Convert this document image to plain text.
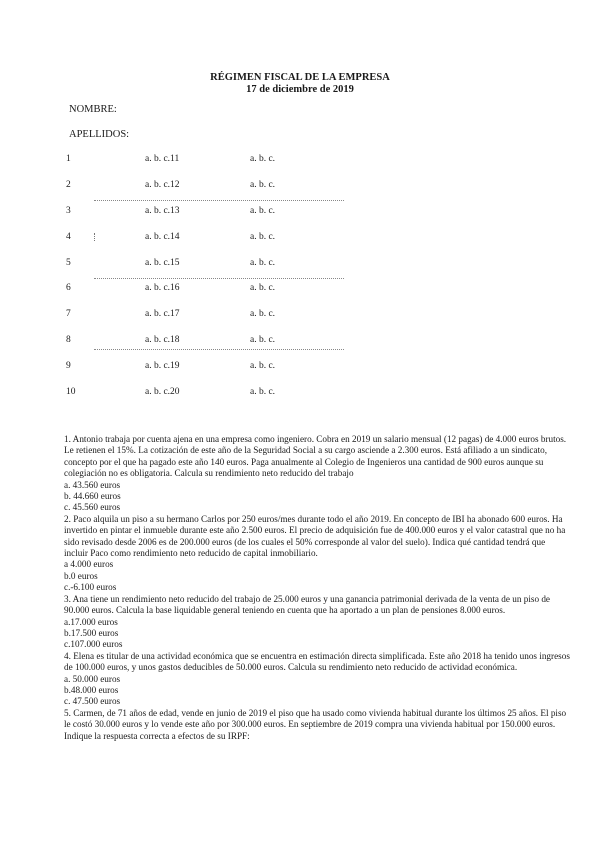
RÉGIMEN FISCAL DE LA EMPRESA
17 de diciembre de 2019
NOMBRE:
APELLIDOS:
1	a. b. c.11	a. b. c.
2	a. b. c.12	a. b. c.
3	a. b. c.13	a. b. c.
4	a. b. c.14	a. b. c.
5	a. b. c.15	a. b. c.
6	a. b. c.16	a. b. c.
7	a. b. c.17	a. b. c.
8	a. b. c.18	a. b. c.
9	a. b. c.19	a. b. c.
10	a. b. c.20	a. b. c.

1. Antonio trabaja por cuenta ajena en una empresa como ingeniero. Cobra en 2019 un salario mensual (12 pagas) de 4.000 euros brutos. Le retienen el 15%. La cotización de este año de la Seguridad Social a su cargo asciende a 2.300 euros. Está afiliado a un sindicato, concepto por el que ha pagado este año 140 euros. Paga anualmente al Colegio de Ingenieros una cantidad de 900 euros aunque su colegiación no es obligatoria. Calcula su rendimiento neto reducido del trabajo

a. 43.560 euros
b. 44.660 euros
c. 45.560 euros

2. Paco alquila un piso a su hermano Carlos por 250 euros/mes durante todo el año 2019. En concepto de IBI ha abonado 600 euros. Ha invertido en pintar el inmueble durante este año 2.500 euros. El precio de adquisición fue de 400.000 euros y el valor catastral que no ha sido revisado desde 2006 es de 200.000 euros (de los cuales el 50% corresponde al valor del suelo). Indica qué cantidad tendrá que incluir Paco como rendimiento neto reducido de capital inmobiliario.

a 4.000 euros
b.0 euros
c.-6.100 euros

3. Ana tiene un rendimiento neto reducido del trabajo de 25.000 euros y una ganancia patrimonial derivada de la venta de un piso de 90.000 euros. Calcula la base liquidable general teniendo en cuenta que ha aportado a un plan de pensiones 8.000 euros.

a.17.000 euros
b.17.500 euros
c.107.000 euros

4. Elena es titular de una actividad económica que se encuentra en estimación directa simplificada. Este año 2018 ha tenido unos ingresos de 100.000 euros, y unos gastos deducibles de 50.000 euros. Calcula su rendimiento neto reducido de actividad económica.

a. 50.000 euros
b.48.000 euros
c. 47.500 euros

5. Carmen, de 71 años de edad, vende en junio de 2019 el piso que ha usado como vivienda habitual durante los últimos 25 años. El piso le costó 30.000 euros y lo vende este año por 300.000 euros. En septiembre de 2019 compra una vivienda habitual por 150.000 euros. Indique la respuesta correcta a efectos de su IRPF:
